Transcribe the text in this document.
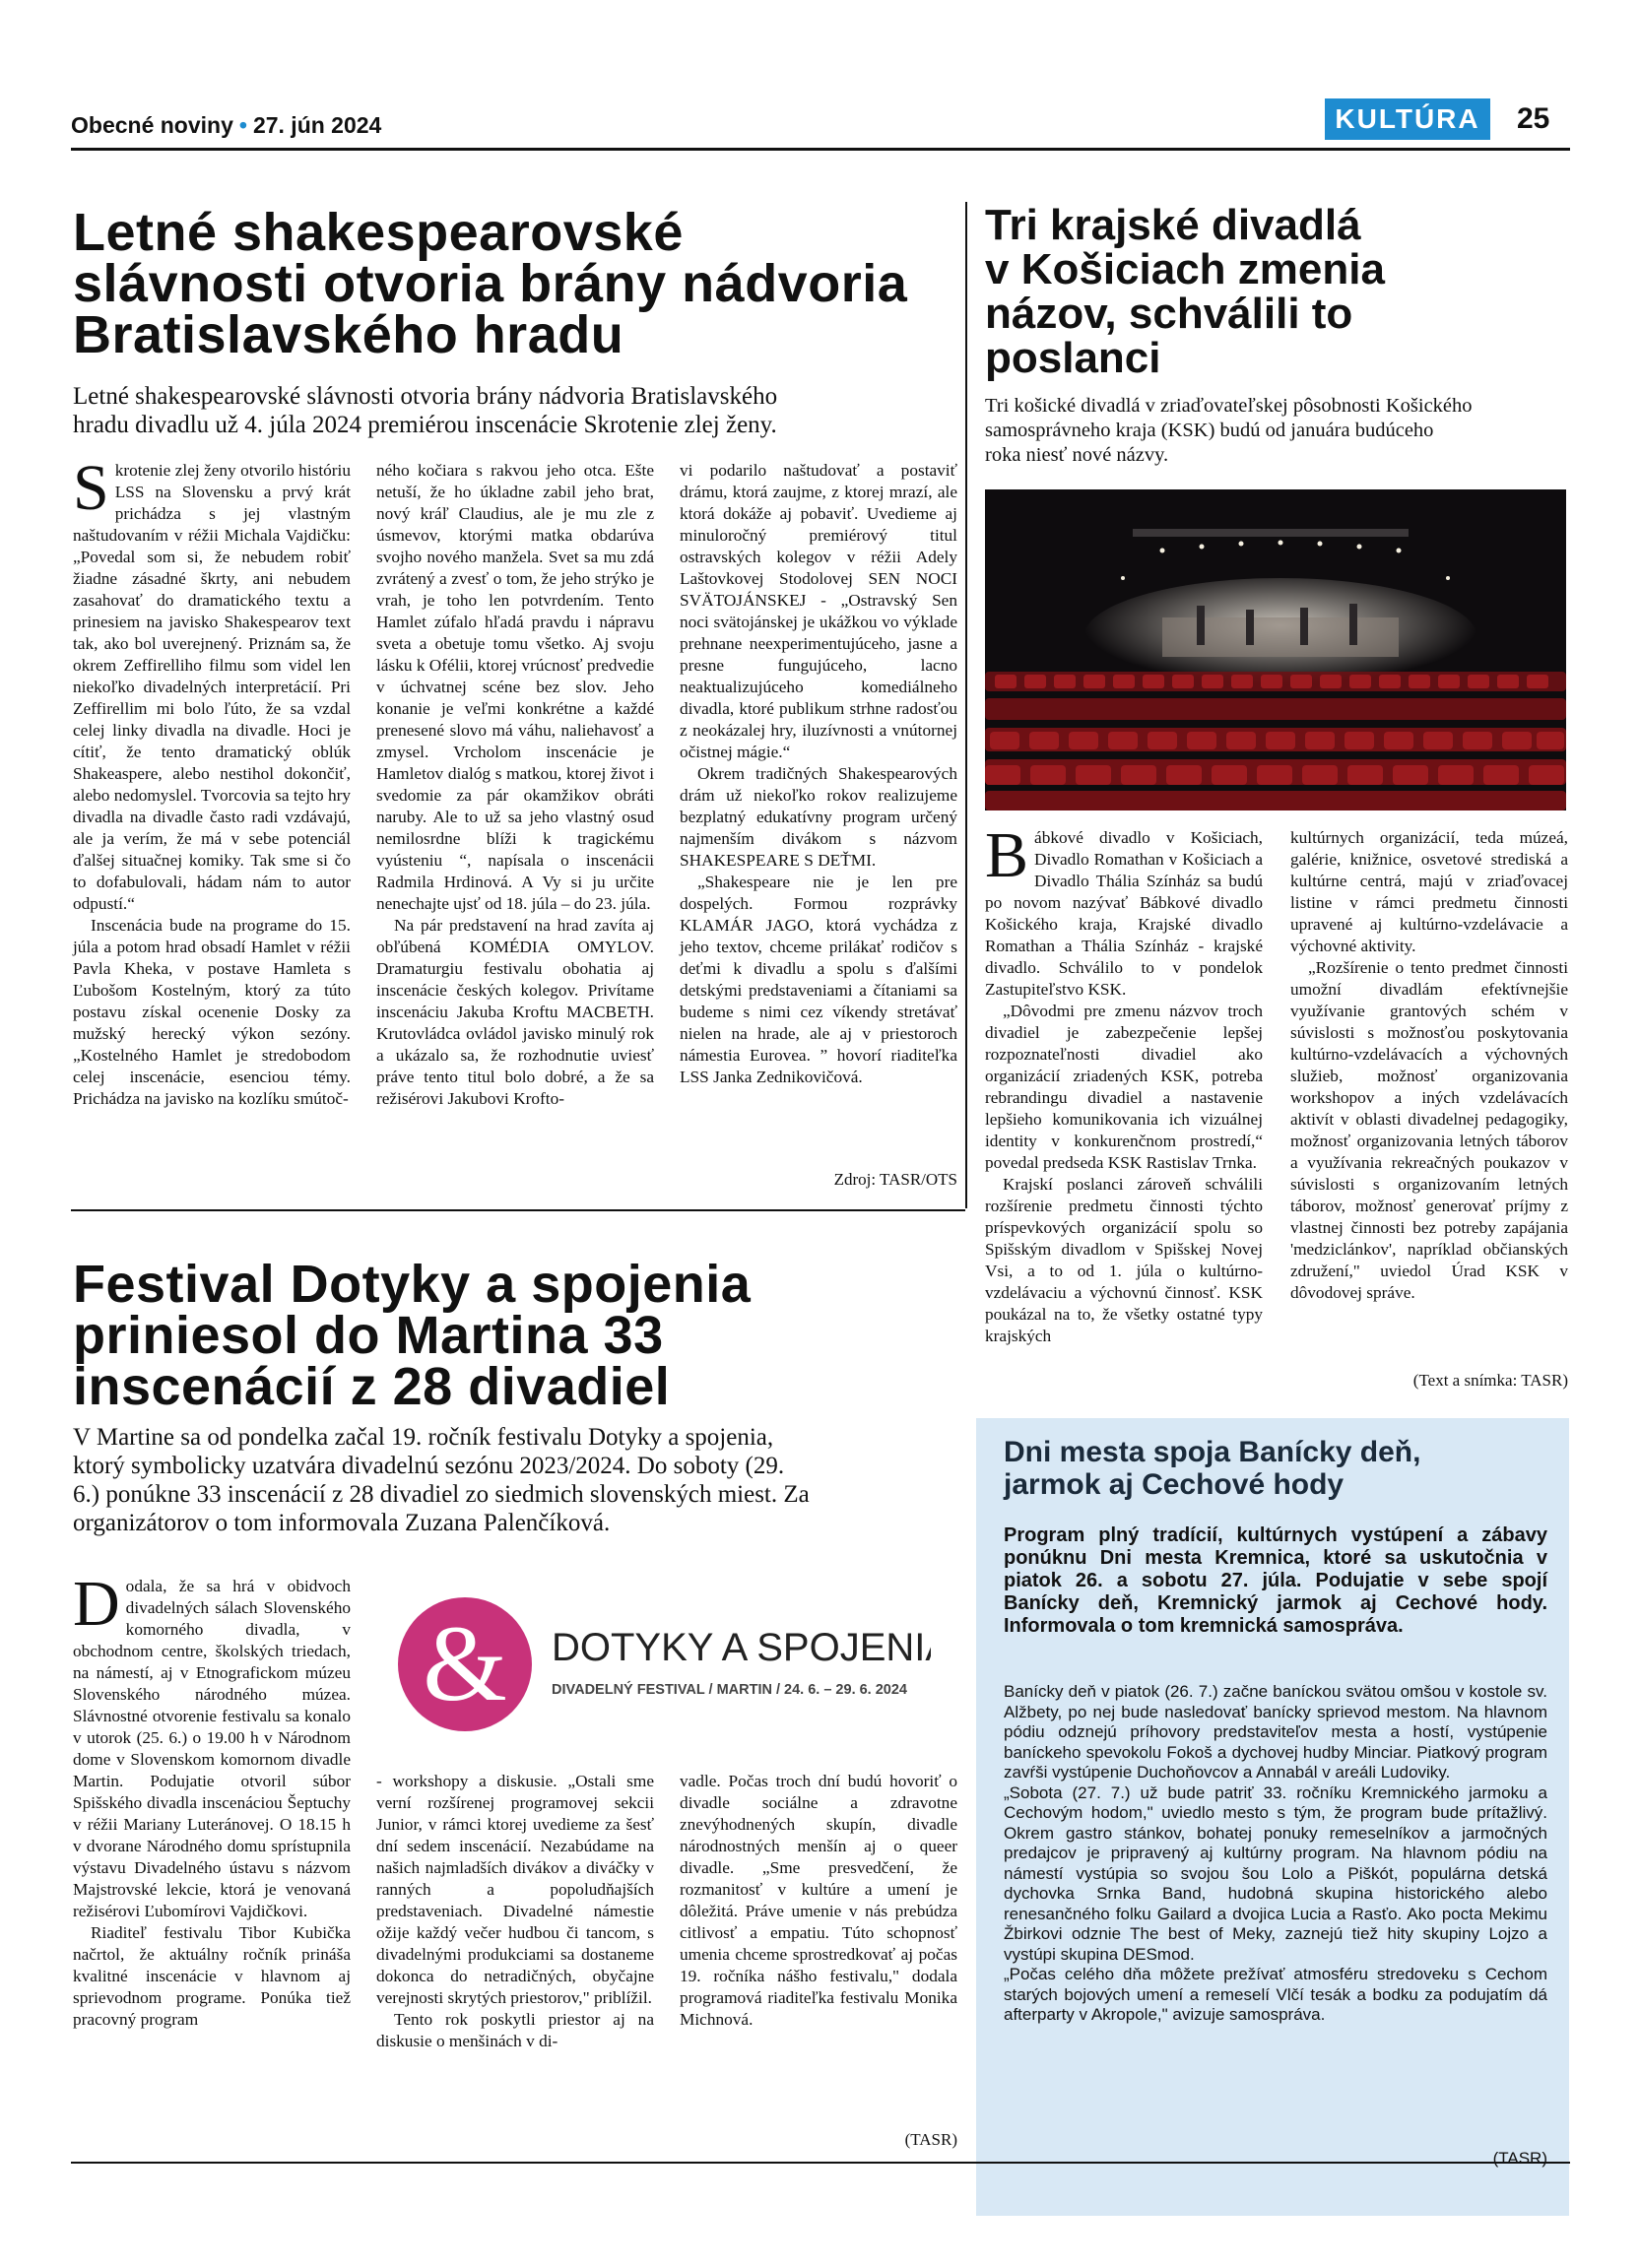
Obecné noviny • 27. jún 2024	KULTÚRA	25
Letné shakespearovské
slávnosti otvoria brány nádvoria
Bratislavského hradu
Letné shakespearovské slávnosti otvoria brány nádvoria Bratislavského
hradu divadlu už 4. júla 2024 premiérou inscenácie Skrotenie zlej ženy.

Skrotenie zlej ženy otvorilo históriu LSS na Slovensku a prvý krát prichádza s jej vlastným naštudovaním v réžii Michala Vajdičku: „Povedal som si, že nebudem robiť žiadne zásadné škrty, ani nebudem zasahovať do dramatického textu a prinesiem na javisko Shakespearov text tak, ako bol uverejnený. Priznám sa, že okrem Zeffirelliho filmu som videl len niekoľko divadelných interpretácií. Pri Zeffirellim mi bolo ľúto, že sa vzdal celej linky divadla na divadle. Hoci je cítiť, že tento dramatický oblúk Shakeaspere, alebo nestihol dokončiť, alebo nedomyslel. Tvorcovia sa tejto hry divadla na divadle často radi vzdávajú, ale ja verím, že má v sebe potenciál ďalšej situačnej komiky. Tak sme si čo to dofabulovali, hádam nám to autor odpustí.“

Inscenácia bude na programe do 15. júla a potom hrad obsadí Hamlet v réžii Pavla Kheka, v postave Hamleta s Ľubošom Kostelným, ktorý za túto postavu získal ocenenie Dosky za mužský herecký výkon sezóny. „Kostelného Hamlet je stredobodom celej inscenácie, esenciou témy. Prichádza na javisko na kozlíku smútoč-

ného kočiara s rakvou jeho otca. Ešte netuší, že ho úkladne zabil jeho brat, nový kráľ Claudius, ale je mu zle z úsmevov, ktorými matka obdarúva svojho nového manžela. Svet sa mu zdá zvrátený a zvesť o tom, že jeho strýko je vrah, je toho len potvrdením. Tento Hamlet zúfalo hľadá pravdu i nápravu sveta a obetuje tomu všetko. Aj svoju lásku k Ofélii, ktorej vrúcnosť predvedie v úchvatnej scéne bez slov. Jeho konanie je veľmi konkrétne a každé prenesené slovo má váhu, naliehavosť a zmysel. Vrcholom inscenácie je Hamletov dialóg s matkou, ktorej život i svedomie za pár okamžikov obráti naruby. Ale to už sa jeho vlastný osud nemilosrdne blíži k tragickému vyústeniu “, napísala o inscenácii Radmila Hrdinová. A Vy si ju určite nenechajte ujsť od 18. júla – do 23. júla.

Na pár predstavení na hrad zavíta aj obľúbená KOMÉDIA OMYLOV. Dramaturgiu festivalu obohatia aj inscenácie českých kolegov. Privítame inscenáciu Jakuba Kroftu MACBETH. Krutovládca ovládol javisko minulý rok a ukázalo sa, že rozhodnutie uviesť práve tento titul bolo dobré, a že sa režisérovi Jakubovi Krofto-

vi podarilo naštudovať a postaviť drámu, ktorá zaujme, z ktorej mrazí, ale ktorá dokáže aj pobaviť. Uvedieme aj minuloročný premiérový titul ostravských kolegov v réžii Adely Laštovkovej Stodolovej SEN NOCI SVÄTOJÁNSKEJ - „Ostravský Sen noci svätojánskej je ukážkou vo výklade prehnane neexperimentujúceho, jasne a presne fungujúceho, lacno neaktualizujúceho komediálneho divadla, ktoré publikum strhne radosťou z neokázalej hry, iluzívnosti a vnútornej očistnej mágie.“

Okrem tradičných Shakespearových drám už niekoľko rokov realizujeme bezplatný edukatívny program určený najmenším divákom s názvom SHAKESPEARE S DEŤMI.

„Shakespeare nie je len pre dospelých. Formou rozprávky KLAMÁR JAGO, ktorá vychádza z jeho textov, chceme prilákať rodičov s deťmi k divadlu a spolu s ďalšími detskými predstaveniami a čítaniami sa budeme s nimi cez víkendy stretávať nielen na hrade, ale aj v priestoroch námestia Eurovea. ” hovorí riaditeľka LSS Janka Zednikovičová.

Zdroj: TASR/OTS
Tri krajské divadlá
v Košiciach zmenia
názov, schválili to
poslanci
Tri košické divadlá v zriaďovateľskej pôsobnosti Košického
samosprávneho kraja (KSK) budú od januára budúceho
roka niesť nové názvy.

Bábkové divadlo v Košiciach, Divadlo Romathan v Košiciach a Divadlo Thália Színház sa budú po novom nazývať Bábkové divadlo Košického kraja, Krajské divadlo Romathan a Thália Színház - krajské divadlo. Schválilo to v pondelok Zastupiteľstvo KSK.

„Dôvodmi pre zmenu názvov troch divadiel je zabezpečenie lepšej rozpoznateľnosti divadiel ako organizácií zriadených KSK, potreba rebrandingu divadiel a nastavenie lepšieho komunikovania ich vizuálnej identity v konkurenčnom prostredí,“ povedal predseda KSK Rastislav Trnka.

Krajskí poslanci zároveň schválili rozšírenie predmetu činnosti týchto príspevkových organizácií spolu so Spišským divadlom v Spišskej Novej Vsi, a to od 1. júla o kultúrno-vzdelávaciu a výchovnú činnosť. KSK poukázal na to, že všetky ostatné typy krajských

kultúrnych organizácií, teda múzeá, galérie, knižnice, osvetové strediská a kultúrne centrá, majú v zriaďovacej listine v rámci predmetu činnosti upravené aj kultúrno-vzdelávacie a výchovné aktivity.

„Rozšírenie o tento predmet činnosti umožní divadlám efektívnejšie využívanie grantových schém v súvislosti s možnosťou poskytovania kultúrno-vzdelávacích a výchovných služieb, možnosť organizovania workshopov a iných vzdelávacích aktivít v oblasti divadelnej pedagogiky, možnosť organizovania letných táborov a využívania rekreačných poukazov v súvislosti s organizovaním letných táborov, možnosť generovať príjmy z vlastnej činnosti bez potreby zapájania 'medziclánkov', napríklad občianských združení," uviedol Úrad KSK v dôvodovej správe.

(Text a snímka: TASR)
Festival Dotyky a spojenia
priniesol do Martina 33
inscenácií z 28 divadiel
V Martine sa od pondelka začal 19. ročník festivalu Dotyky a spojenia,
ktorý symbolicky uzatvára divadelnú sezónu 2023/2024. Do soboty (29.
6.) ponúkne 33 inscenácií z 28 divadiel zo siedmich slovenských miest. Za
organizátorov o tom informovala Zuzana Palenčíková.
& DOTYKY A SPOJENIA
DIVADELNÝ FESTIVAL / MARTIN / 24. 6. – 29. 6. 2024

Dodala, že sa hrá v obidvoch divadelných sálach Slovenského komorného divadla, v obchodnom centre, školských triedach, na námestí, aj v Etnografickom múzeu Slovenského národného múzea. Slávnostné otvorenie festivalu sa konalo v utorok (25. 6.) o 19.00 h v Národnom dome v Slovenskom komornom divadle Martin. Podujatie otvoril súbor Spišského divadla inscenáciou Šeptuchy v réžii Mariany Luteránovej. O 18.15 h v dvorane Národného domu sprístupnila výstavu Divadelného ústavu s názvom Majstrovské lekcie, ktorá je venovaná režisérovi Ľubomírovi Vajdičkovi.

Riaditeľ festivalu Tibor Kubička načrtol, že aktuálny ročník prináša kvalitné inscenácie v hlavnom aj sprievodnom programe. Ponúka tiež pracovný program

- workshopy a diskusie. „Ostali sme verní rozšírenej programovej sekcii Junior, v rámci ktorej uvedieme za šesť dní sedem inscenácií. Nezabúdame na našich najmladších divákov a diváčky v ranných a popoludňajších predstaveniach. Divadelné námestie ožije každý večer hudbou či tancom, s divadelnými produkciami sa dostaneme dokonca do netradičných, obyčajne verejnosti skrytých priestorov," priblížil.

Tento rok poskytli priestor aj na diskusie o menšinách v di-

vadle. Počas troch dní budú hovoriť o divadle sociálne a zdravotne znevýhodnených skupín, divadle národnostných menšín aj o queer divadle. „Sme presvedčení, že rozmanitosť v kultúre a umení je dôležitá. Práve umenie v nás prebúdza citlivosť a empatiu. Túto schopnosť umenia chceme sprostredkovať aj počas 19. ročníka nášho festivalu," dodala programová riaditeľka festivalu Monika Michnová.

(TASR)
Dni mesta spoja Banícky deň,
jarmok aj Cechové hody
Program plný tradícií, kultúrnych vystúpení a zábavy ponúknu Dni mesta Kremnica, ktoré sa uskutočnia v piatok 26. a sobotu 27. júla. Podujatie v sebe spojí Banícky deň, Kremnický jarmok aj Cechové hody. Informovala o tom kremnická samospráva.

Banícky deň v piatok (26. 7.) začne baníckou svätou omšou v kostole sv. Alžbety, po nej bude nasledovať banícky sprievod mestom. Na hlavnom pódiu odznejú príhovory predstaviteľov mesta a hostí, vystúpenie baníckeho spevokolu Fokoš a dychovej hudby Minciar. Piatkový program zavŕši vystúpenie Duchoňovcov a Annabál v areáli Ludoviky.

„Sobota (27. 7.) už bude patriť 33. ročníku Kremnického jarmoku a Cechovým hodom," uviedlo mesto s tým, že program bude prítažlivý. Okrem gastro stánkov, bohatej ponuky remeselníkov a jarmočných predajcov je pripravený aj kultúrny program. Na hlavnom pódiu na námestí vystúpia so svojou šou Lolo a Piškót, populárna detská dychovka Srnka Band, hudobná skupina historického alebo renesančného folku Gailard a dvojica Lucia a Rasťo. Ako pocta Mekimu Žbirkovi odznie The best of Meky, zaznejú tiež hity skupiny Lojzo a vystúpi skupina DESmod.

„Počas celého dňa môžete prežívať atmosféru stredoveku s Cechom starých bojových umení a remeselí Vlčí tesák a bodku za podujatím dá afterparty v Akropole," avizuje samospráva.

(TASR)
